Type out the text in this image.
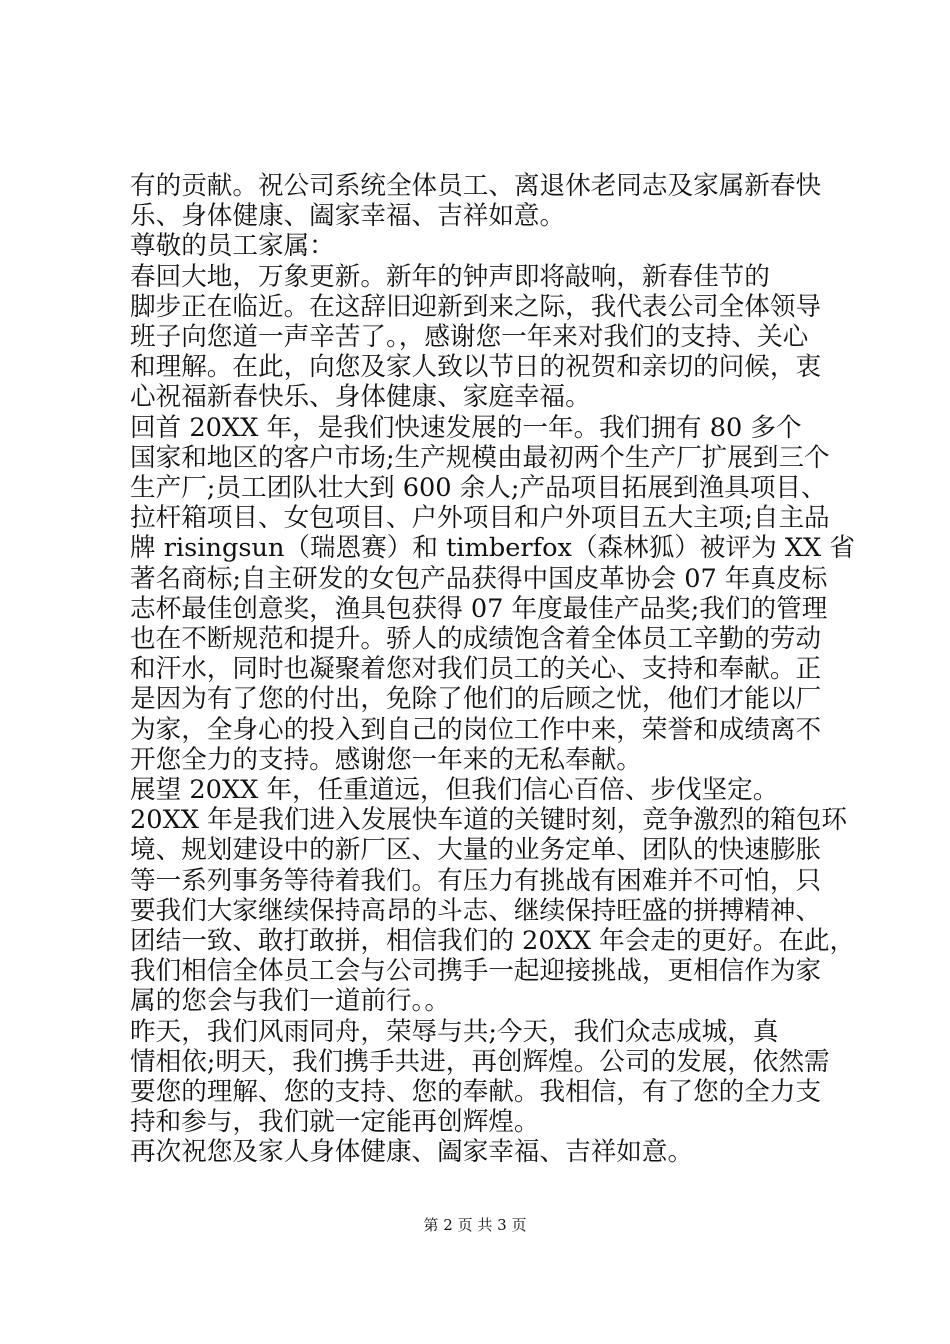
有的贡献。祝公司系统全体员工、离退休老同志及家属新春快
乐、身体健康、阖家幸福、吉祥如意。
尊敬的员工家属：
春回大地，万象更新。新年的钟声即将敲响，新春佳节的
脚步正在临近。在这辞旧迎新到来之际，我代表公司全体领导
班子向您道一声辛苦了。，感谢您一年来对我们的支持、关心
和理解。在此，向您及家人致以节日的祝贺和亲切的问候，衷
心祝福新春快乐、身体健康、家庭幸福。
回首 20XX 年，是我们快速发展的一年。我们拥有 80 多个
国家和地区的客户市场;生产规模由最初两个生产厂扩展到三个
生产厂;员工团队壮大到 600 余人;产品项目拓展到渔具项目、
拉杆箱项目、女包项目、户外项目和户外项目五大主项;自主品
牌 risingsun（瑞恩赛）和 timberfox（森林狐）被评为 XX 省
著名商标;自主研发的女包产品获得中国皮革协会 07 年真皮标
志杯最佳创意奖，渔具包获得 07 年度最佳产品奖;我们的管理
也在不断规范和提升。骄人的成绩饱含着全体员工辛勤的劳动
和汗水，同时也凝聚着您对我们员工的关心、支持和奉献。正
是因为有了您的付出，免除了他们的后顾之忧，他们才能以厂
为家，全身心的投入到自己的岗位工作中来，荣誉和成绩离不
开您全力的支持。感谢您一年来的无私奉献。
展望 20XX 年，任重道远，但我们信心百倍、步伐坚定。
20XX 年是我们进入发展快车道的关键时刻，竞争激烈的箱包环
境、规划建设中的新厂区、大量的业务定单、团队的快速膨胀
等一系列事务等待着我们。有压力有挑战有困难并不可怕，只
要我们大家继续保持高昂的斗志、继续保持旺盛的拼搏精神、
团结一致、敢打敢拼，相信我们的 20XX 年会走的更好。在此，
我们相信全体员工会与公司携手一起迎接挑战，更相信作为家
属的您会与我们一道前行。。
昨天，我们风雨同舟，荣辱与共;今天，我们众志成城，真
情相依;明天，我们携手共进，再创辉煌。公司的发展，依然需
要您的理解、您的支持、您的奉献。我相信，有了您的全力支
持和参与，我们就一定能再创辉煌。
再次祝您及家人身体健康、阖家幸福、吉祥如意。
第 2 页 共 3 页
